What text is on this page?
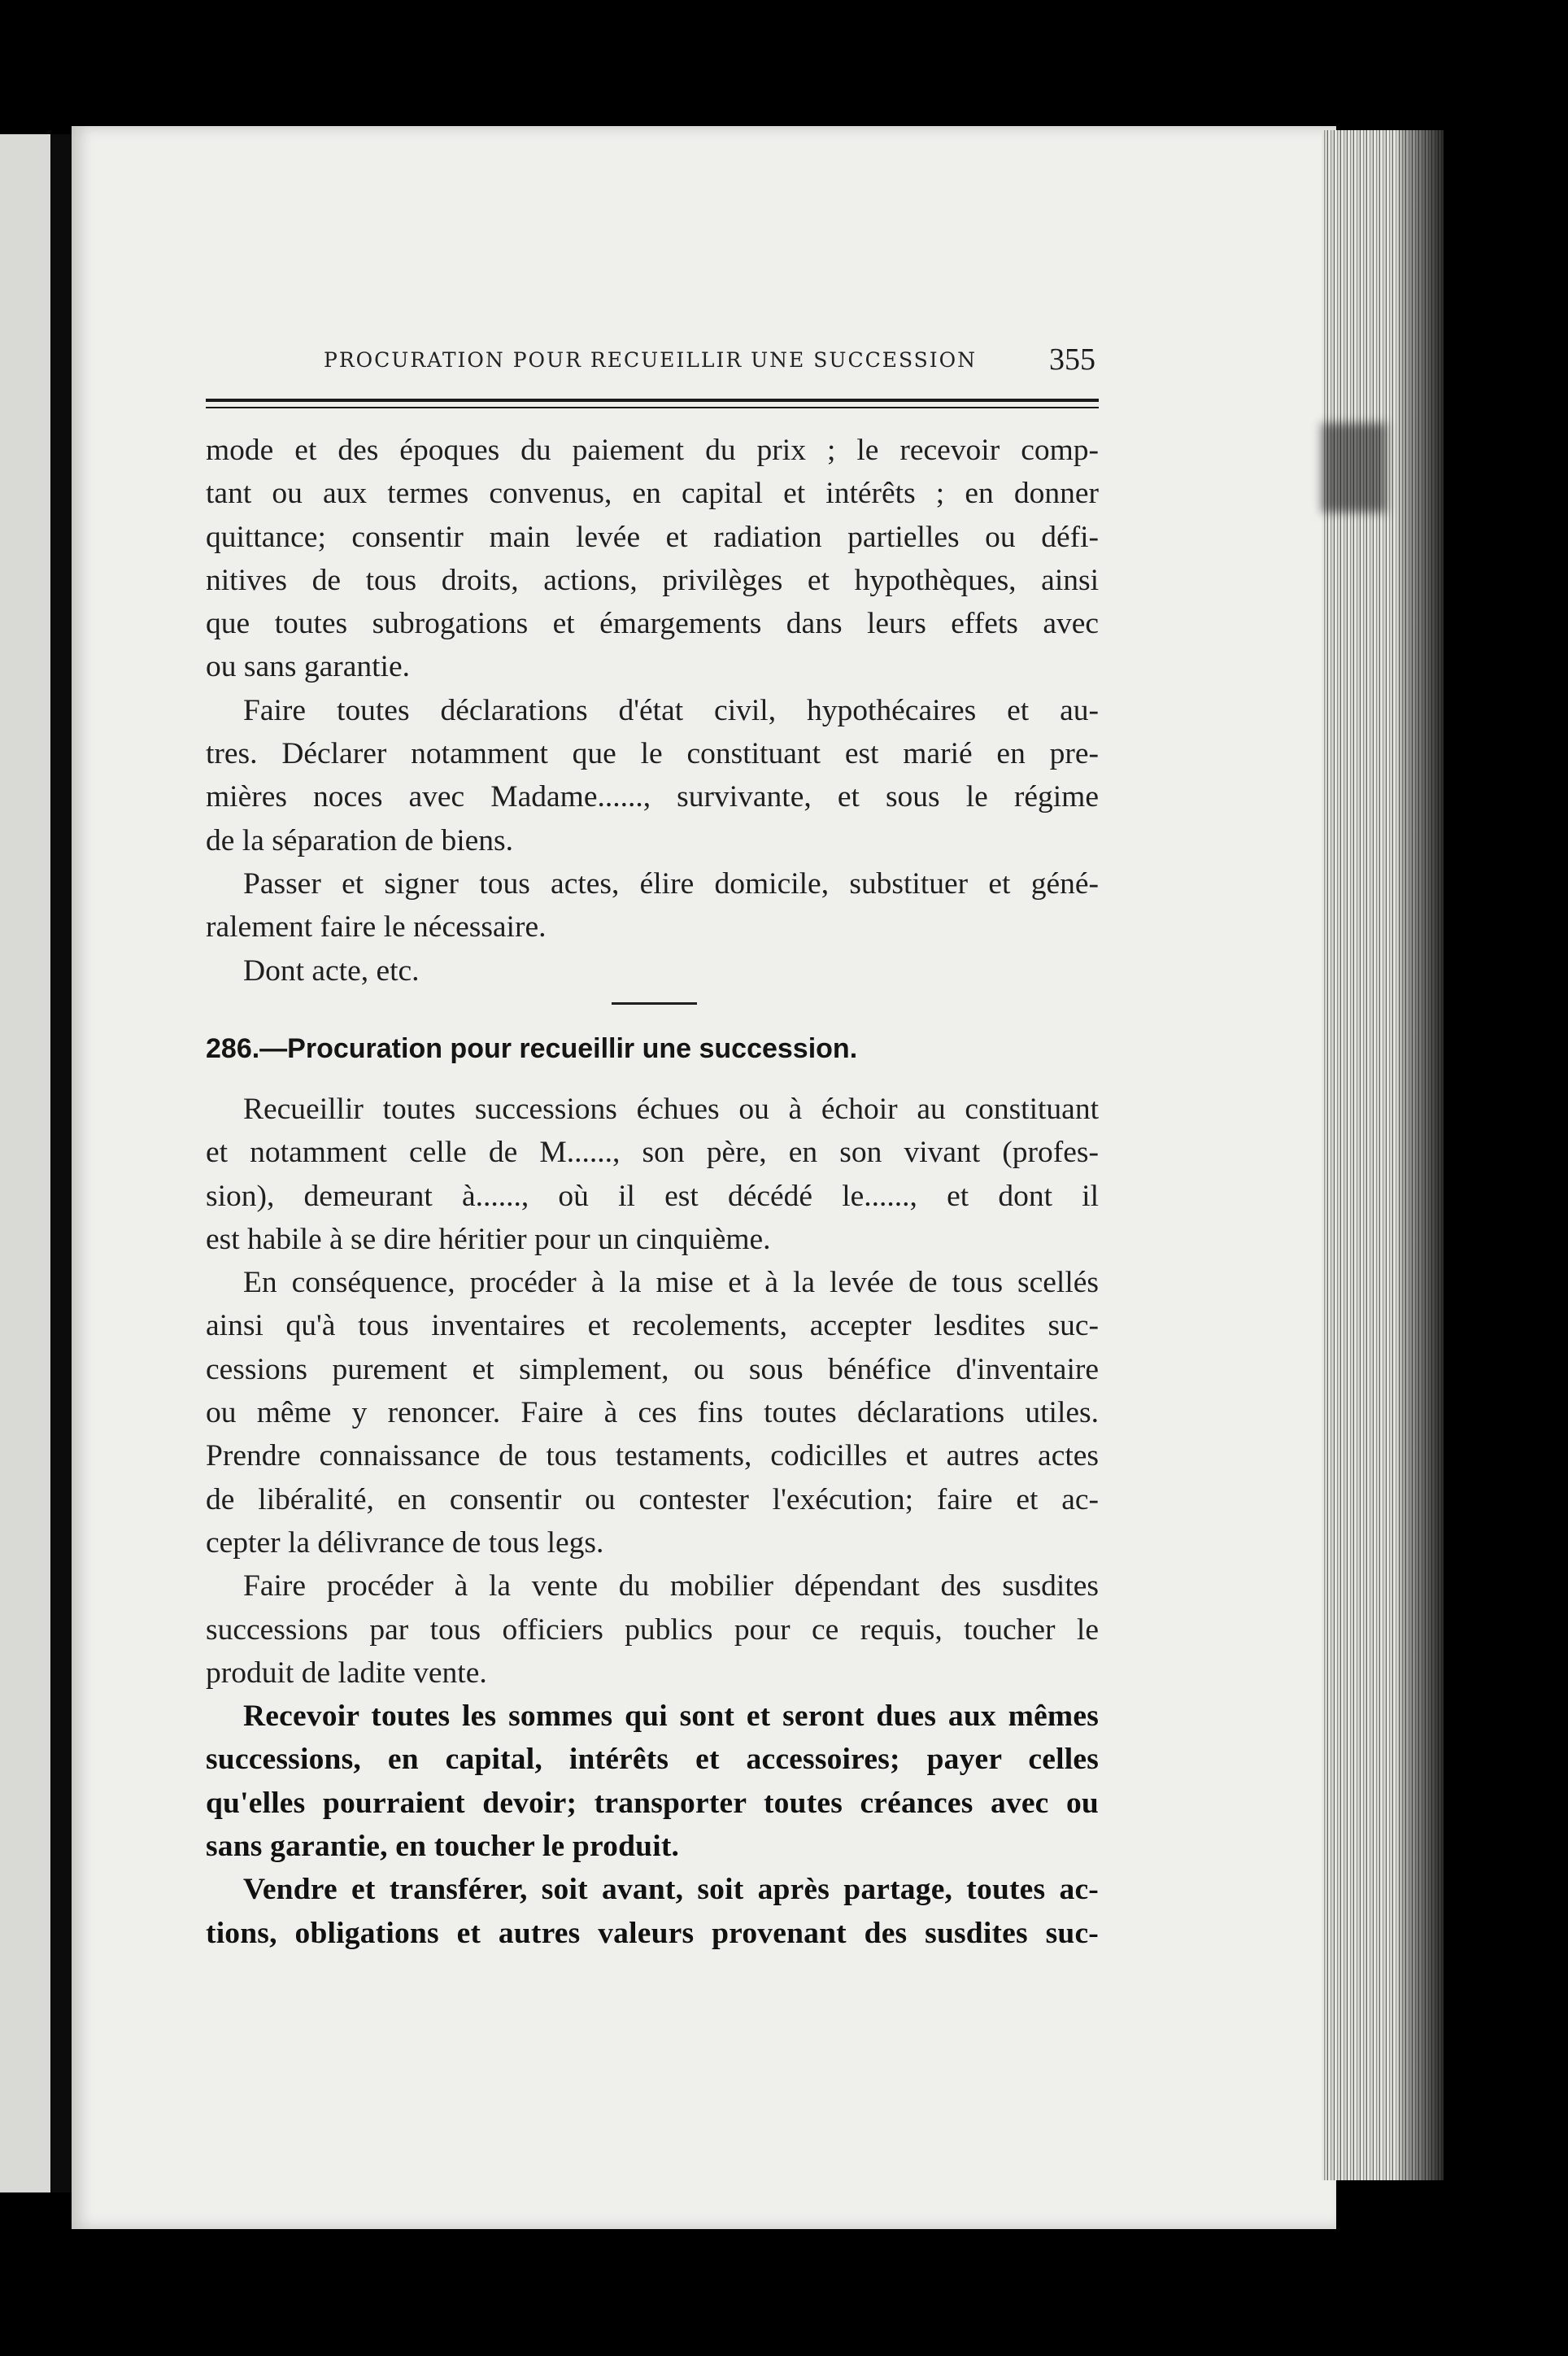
PROCURATION POUR RECUEILLIR UNE SUCCESSION	355
mode et des époques du paiement du prix ; le recevoir comp-
tant ou aux termes convenus, en capital et intérêts ; en donner
quittance; consentir main levée et radiation partielles ou défi-
nitives de tous droits, actions, privilèges et hypothèques, ainsi
que toutes subrogations et émargements dans leurs effets avec
ou sans garantie.
Faire toutes déclarations d'état civil, hypothécaires et au-
tres. Déclarer notamment que le constituant est marié en pre-
mières noces avec Madame......, survivante, et sous le régime
de la séparation de biens.
Passer et signer tous actes, élire domicile, substituer et géné-
ralement faire le nécessaire.
Dont acte, etc.
286.—Procuration pour recueillir une succession.
Recueillir toutes successions échues ou à échoir au constituant
et notamment celle de M......, son père, en son vivant (profes-
sion), demeurant à......, où il est décédé le......, et dont il
est habile à se dire héritier pour un cinquième.
En conséquence, procéder à la mise et à la levée de tous scellés
ainsi qu'à tous inventaires et recolements, accepter lesdites suc-
cessions purement et simplement, ou sous bénéfice d'inventaire
ou même y renoncer. Faire à ces fins toutes déclarations utiles.
Prendre connaissance de tous testaments, codicilles et autres actes
de libéralité, en consentir ou contester l'exécution; faire et ac-
cepter la délivrance de tous legs.
Faire procéder à la vente du mobilier dépendant des susdites
successions par tous officiers publics pour ce requis, toucher le
produit de ladite vente.
Recevoir toutes les sommes qui sont et seront dues aux mêmes
successions, en capital, intérêts et accessoires; payer celles
qu'elles pourraient devoir; transporter toutes créances avec ou
sans garantie, en toucher le produit.
Vendre et transférer, soit avant, soit après partage, toutes ac-
tions, obligations et autres valeurs provenant des susdites suc-
